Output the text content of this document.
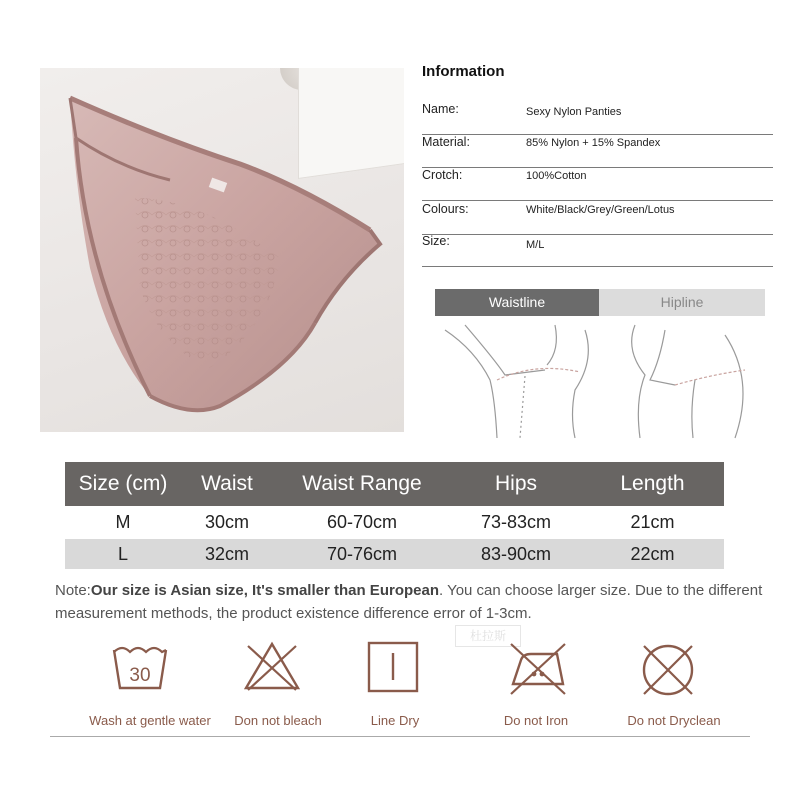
Information
Name:	Sexy Nylon Panties
Material:	85% Nylon + 15% Spandex
Crotch:	100%Cotton
Colours:	White/Black/Grey/Green/Lotus
Size:	M/L
Waistline	Hipline
Size (cm)	Waist	Waist Range	Hips	Length
M	30cm	60-70cm	73-83cm	21cm
L	32cm	70-76cm	83-90cm	22cm
Note:Our size is Asian size, It's smaller than European. You can choose larger size. Due to the different measurement methods, the product existence difference error of 1-3cm.
杜拉斯
30
Wash at gentle water	Don not bleach	Line Dry	Do not Iron	Do not Dryclean
